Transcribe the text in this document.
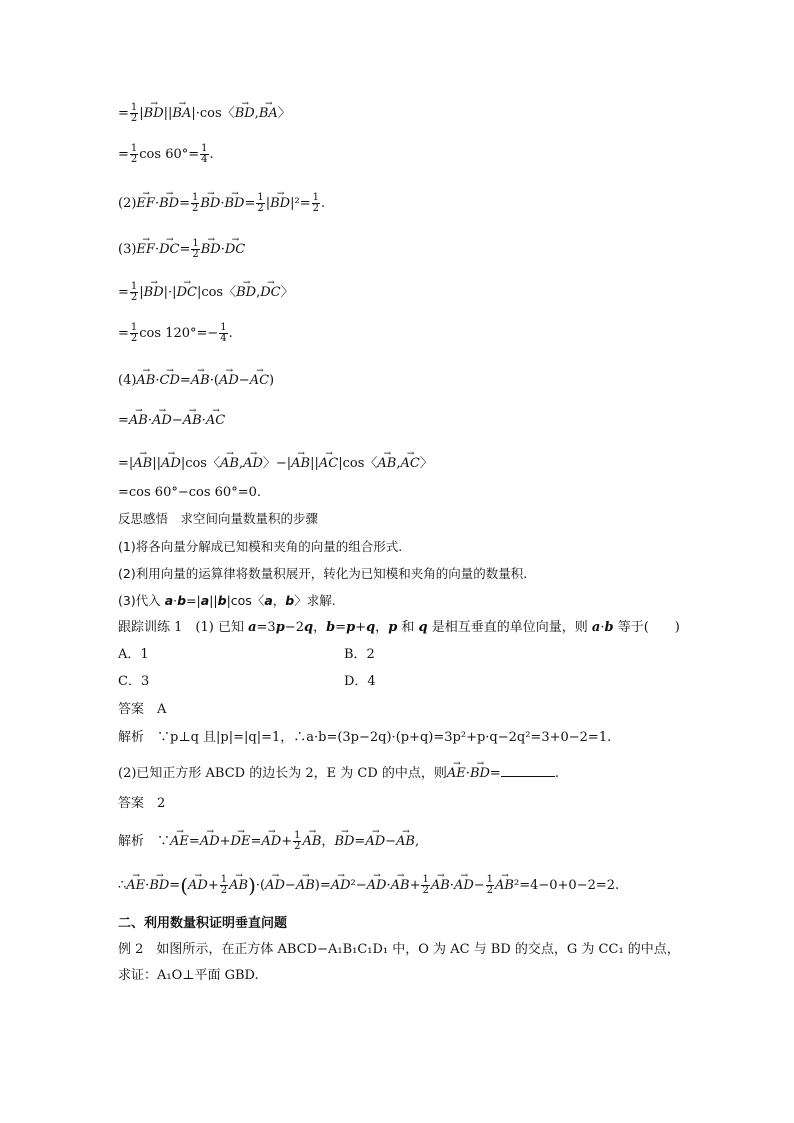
= $\frac{1}{2}$ |→ BD||→ BA|·cos〈→ BD,→ BA〉
= $\frac{1}{2}$ $\cos 60^\circ= \frac{1}{4}$ .
$(2)\to EF\cdot\to BD= \frac{1}{2}$
→ $BD\cdot\to BD= \frac{1}{2}$ |→ $BD|^2= \frac{1}{2}$ .
$(3)\to EF\cdot\to DC= \frac{1}{2}$
→ BD·→ DC
= $\frac{1}{2}$ |→ BD|·|→ DC|cos〈→ BD,→ DC〉
= $\frac{1}{2}$ $\cos 120^\circ=- \frac{1}{4}$ .
(4)→ AB·→ CD=→ AB·(→ AD−→ AC)
=→ AB·→ AD−→ AB·→ AC
=|→ AB||→ AD|cos〈→ AB,→ AD〉−|→ AB||→ AC|cos〈→ AB,→ AC〉
=cos 60°−cos 60°=0.
反思感悟　求空间向量数量积的步骤
(1)将各向量分解成已知模和夹角的向量的组合形式.
(2)利用向量的运算律将数量积展开，转化为已知模和夹角的向量的数量积.
(3)代入 a·b=|a||b|cos〈a，b〉求解.
跟踪训练 1　(1) 已知 a=3p−2q，b=p+q，p 和 q 是相互垂直的单位向量，则 a·b 等于(　　)
A．1	B．2
C．3	D．4
答案　A
解析　∵p⊥q 且|p|=|q|=1，∴a·b=(3p−2q)·(p+q)=3p²+p·q−2q²=3+0−2=1.
(2)已知正方形 ABCD 的边长为 2，E 为 CD 的中点，则→ AE·→ BD=	.
答案　2
解析　∵→ $AE=\to AD+\to DE=\to AD+ \frac{1}{2}$
→ AB，→ BD=→ AD−→ AB,
∴→ $AE\cdot\to BD=(\to AD+ \frac{1}{2}$
→ $AB)\cdot(\to AD-\to AB)=\to AD^2-\to AD\cdot\to AB+ \frac{1}{2}$
→ $AB\cdot\to AD- \frac{1}{2}$
→ AB²=4−0+0−2=2.
二、利用数量积证明垂直问题
例 2　如图所示，在正方体 ABCD−A₁B₁C₁D₁ 中，O 为 AC 与 BD 的交点，G 为 CC₁ 的中点，
求证：A₁O⊥平面 GBD.
